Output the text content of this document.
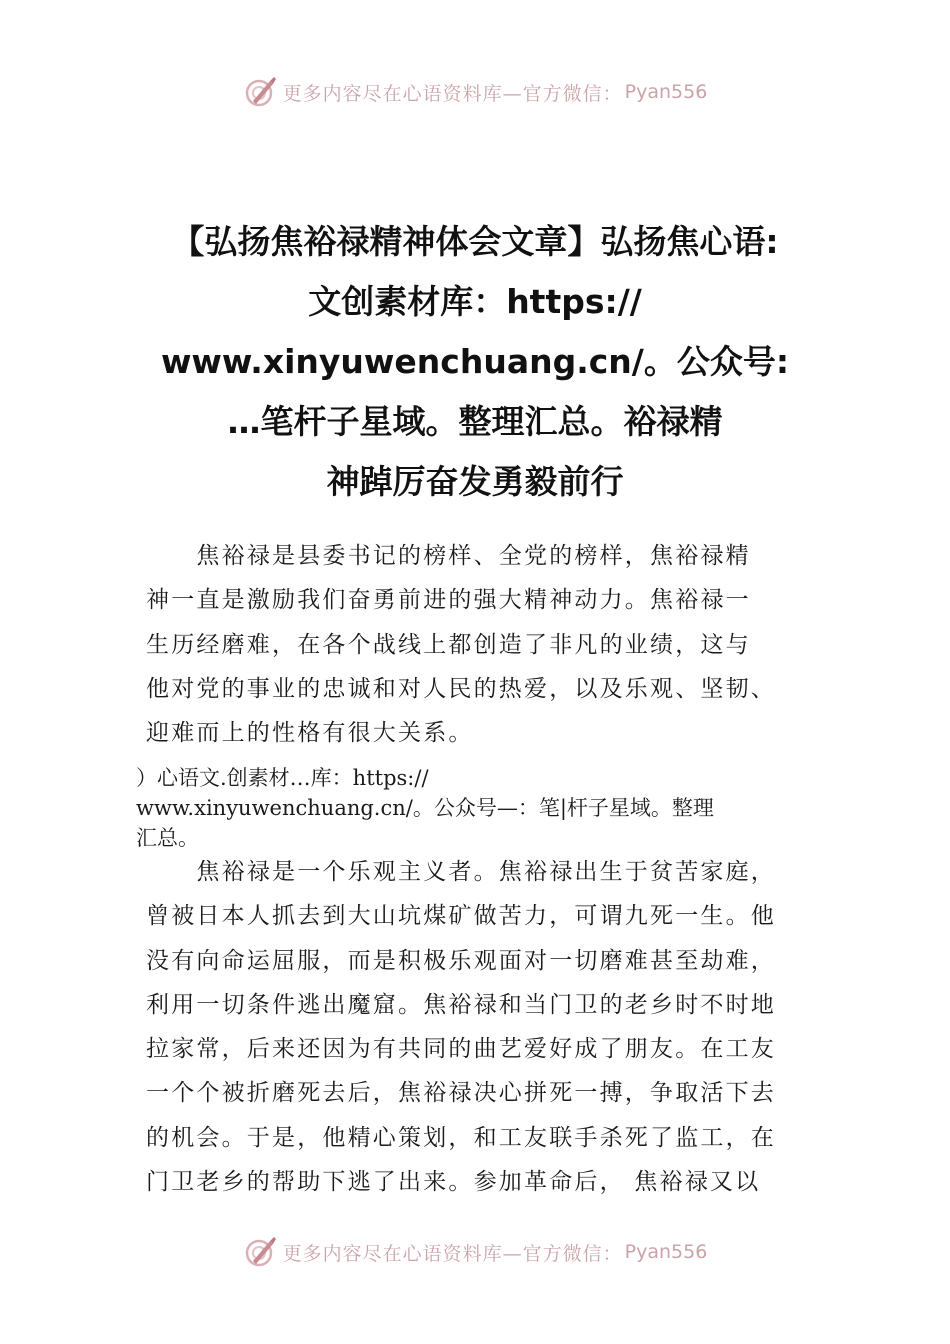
更多内容尽在心语资料库—官方微信： Pyan556
【弘扬焦裕禄精神体会文章】弘扬焦心语:
文创素材库：https://
www.xinyuwenchuang.cn/。公众号:
…笔杆子星域。整理汇总。裕禄精
神踔厉奋发勇毅前行
　　焦裕禄是县委书记的榜样、全党的榜样，焦裕禄精
神一直是激励我们奋勇前进的强大精神动力。焦裕禄一
生历经磨难，在各个战线上都创造了非凡的业绩，这与
他对党的事业的忠诚和对人民的热爱，以及乐观、坚韧、
迎难而上的性格有很大关系。
）心语文.创素材…库：https://
www.xinyuwenchuang.cn/。公众号—：笔|杆子星域。整理
汇总。
　　焦裕禄是一个乐观主义者。焦裕禄出生于贫苦家庭，
曾被日本人抓去到大山坑煤矿做苦力，可谓九死一生。他
没有向命运屈服，而是积极乐观面对一切磨难甚至劫难，
利用一切条件逃出魔窟。焦裕禄和当门卫的老乡时不时地
拉家常，后来还因为有共同的曲艺爱好成了朋友。在工友
一个个被折磨死去后，焦裕禄决心拼死一搏，争取活下去
的机会。于是，他精心策划，和工友联手杀死了监工，在
门卫老乡的帮助下逃了出来。参加革命后， 焦裕禄又以
更多内容尽在心语资料库—官方微信： Pyan556
